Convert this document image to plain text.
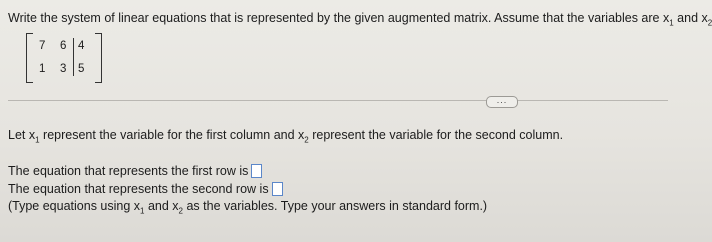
Write the system of linear equations that is represented by the given augmented matrix. Assume that the variables are $x_1$ and $x_2$
7 6 4
1 3 5
...
Let $x_1$ represent the variable for the first column and $x_2$ represent the variable for the second column.
The equation that represents the first row is
The equation that represents the second row is
(Type equations using $x_1$ and $x_2$ as the variables. Type your answers in standard form.)
